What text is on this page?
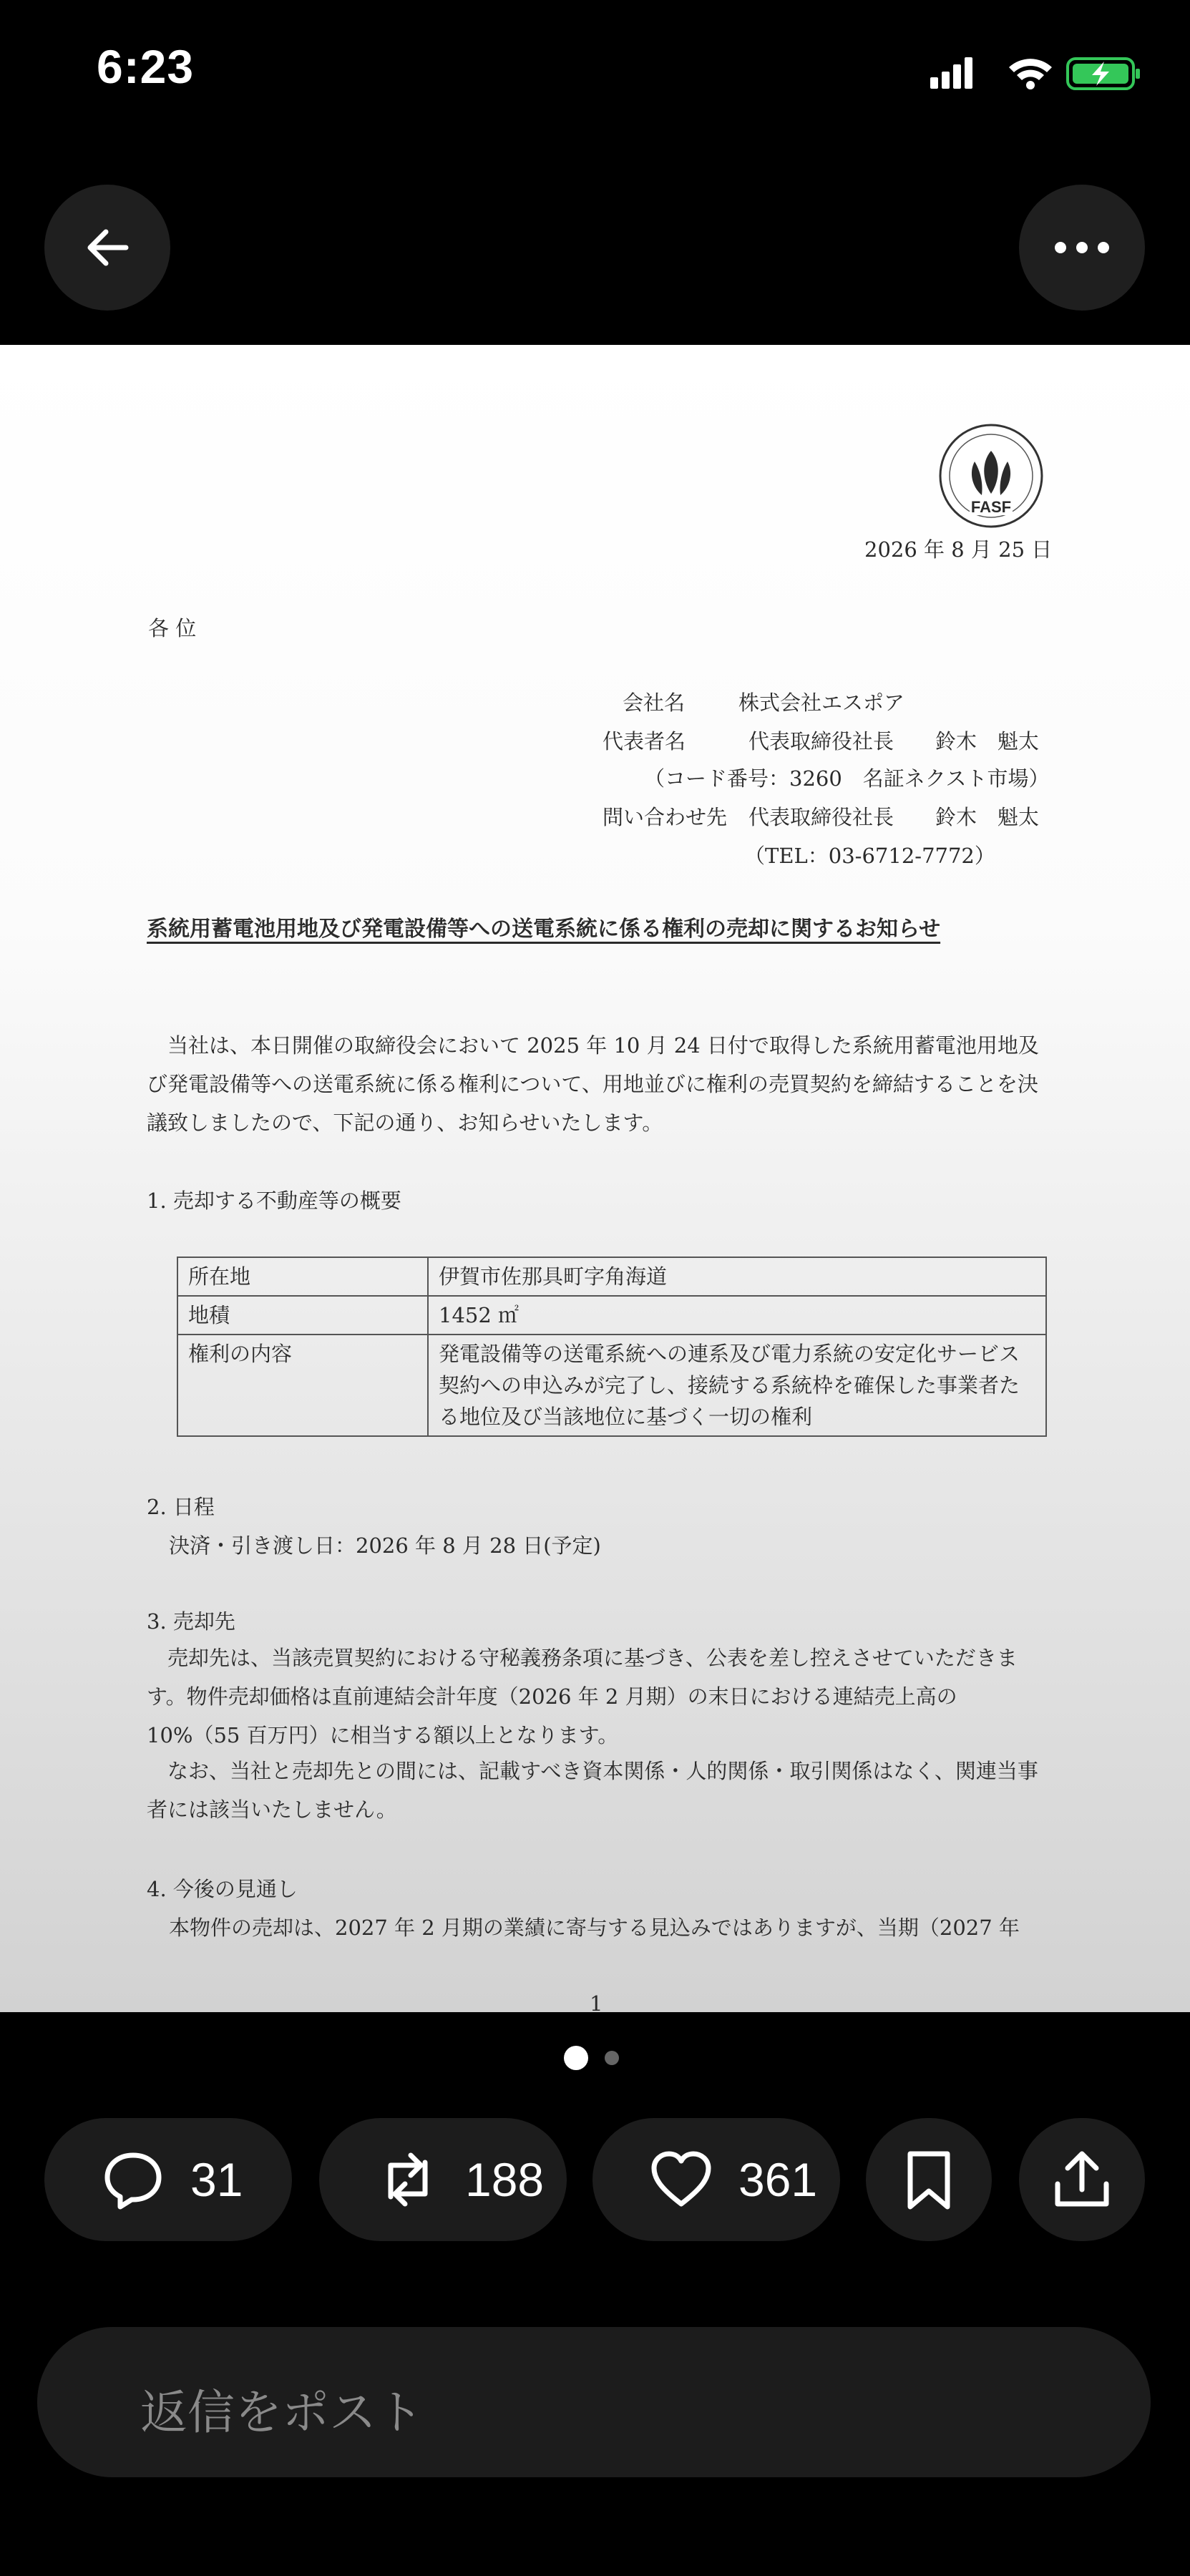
6:23
FASF
2026 年 8 月 25 日
各 位
会社名	株式会社エスポア
代表者名	代表取締役社長　　鈴木　魁太
（コード番号：3260　名証ネクスト市場）
問い合わせ先 代表取締役社長　　鈴木　魁太
（TEL：03-6712-7772）
系統用蓄電池用地及び発電設備等への送電系統に係る権利の売却に関するお知らせ
　当社は、本日開催の取締役会において 2025 年 10 月 24 日付で取得した系統用蓄電池用地及び発電設備等への送電系統に係る権利について、用地並びに権利の売買契約を締結することを決議致しましたので、下記の通り、お知らせいたします。
1. 売却する不動産等の概要
所在地	伊賀市佐那具町字角海道
地積	1452 ㎡
権利の内容	発電設備等の送電系統への連系及び電力系統の安定化サービス契約への申込みが完了し、接続する系統枠を確保した事業者たる地位及び当該地位に基づく一切の権利
2. 日程
決済・引き渡し日：2026 年 8 月 28 日(予定)
3. 売却先
　売却先は、当該売買契約における守秘義務条項に基づき、公表を差し控えさせていただきます。物件売却価格は直前連結会計年度（2026 年 2 月期）の末日における連結売上高の 10%（55 百万円）に相当する額以上となります。
　なお、当社と売却先との間には、記載すべき資本関係・人的関係・取引関係はなく、関連当事者には該当いたしません。
4. 今後の見通し
本物件の売却は、2027 年 2 月期の業績に寄与する見込みではありますが、当期（2027 年
1
31	188	361
返信をポスト
